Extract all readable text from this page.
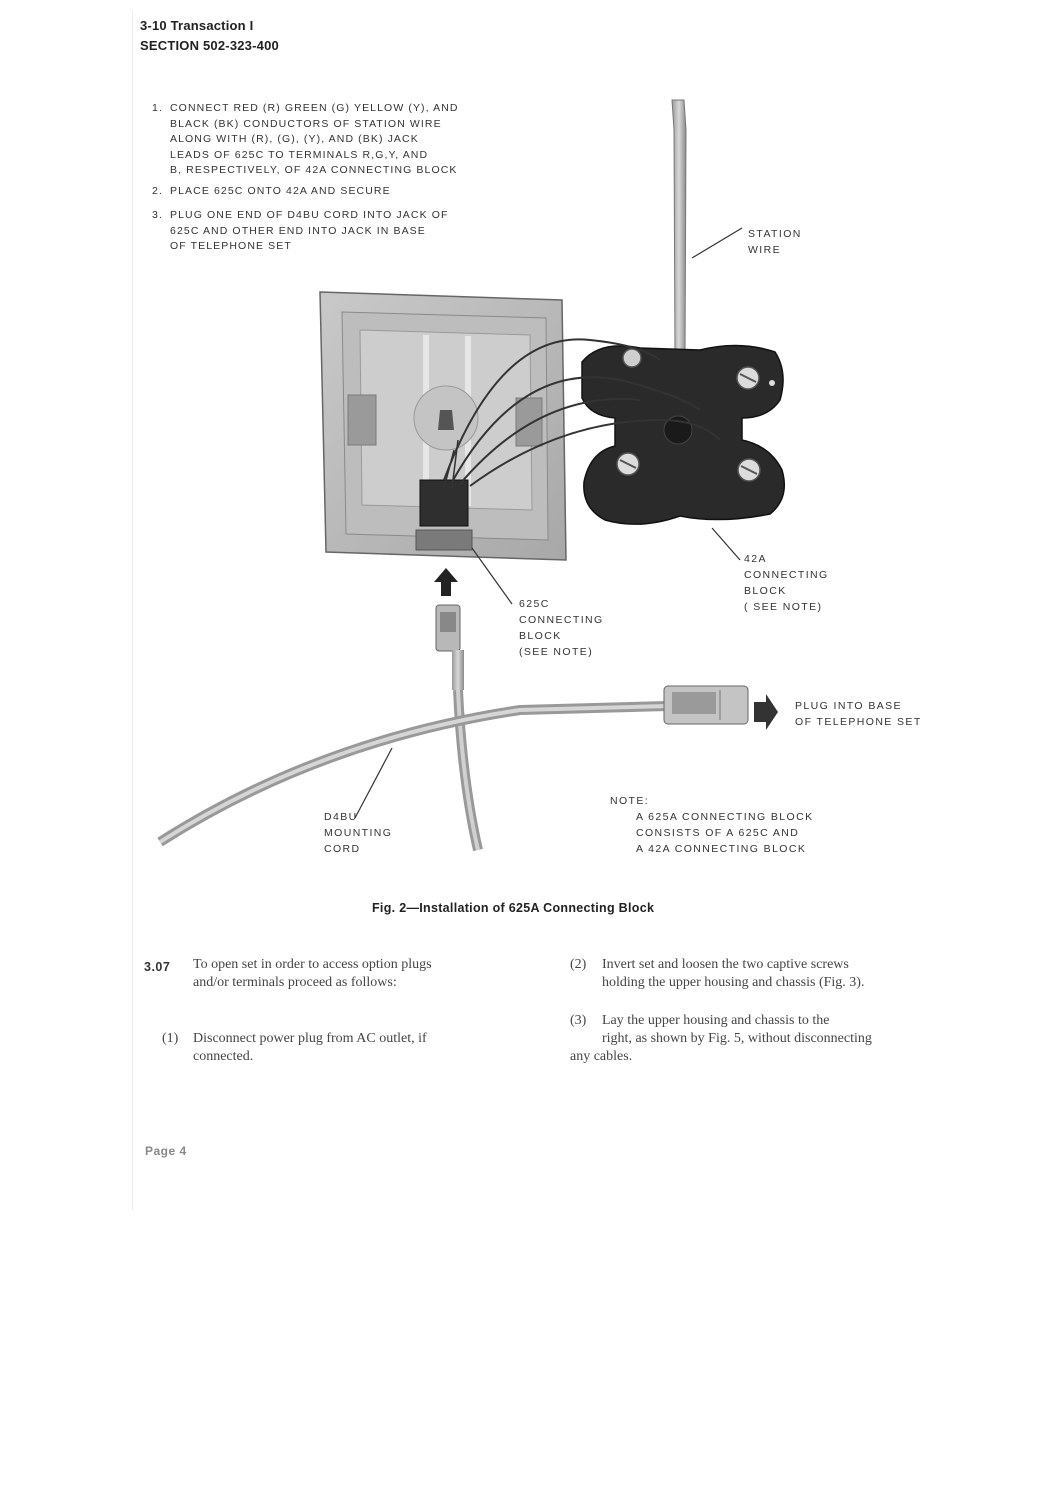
3-10 Transaction I
SECTION 502-323-400
1. CONNECT RED (R) GREEN (G) YELLOW (Y), AND
BLACK (BK) CONDUCTORS OF STATION WIRE
ALONG WITH (R), (G), (Y), AND (BK) JACK
LEADS OF 625C TO TERMINALS R,G,Y, AND
B, RESPECTIVELY, OF 42A CONNECTING BLOCK
2. PLACE 625C ONTO 42A AND SECURE
3. PLUG ONE END OF D4BU CORD INTO JACK OF
625C AND OTHER END INTO JACK IN BASE
OF TELEPHONE SET
STATION
WIRE
42A
CONNECTING
BLOCK
( SEE NOTE)
625C
CONNECTING
BLOCK
(SEE NOTE)
PLUG INTO BASE
OF TELEPHONE SET
D4BU
MOUNTING
CORD
NOTE:
A 625A CONNECTING BLOCK
CONSISTS OF A 625C AND
A 42A CONNECTING BLOCK
Fig. 2—Installation of 625A Connecting Block
3.07 To open set in order to access option plugs
and/or terminals proceed as follows:
(1) Disconnect power plug from AC outlet, if
connected.
(2) Invert set and loosen the two captive screws
holding the upper housing and chassis (Fig. 3).
(3) Lay the upper housing and chassis to the
right, as shown by Fig. 5, without disconnecting
any cables.
Page 4
